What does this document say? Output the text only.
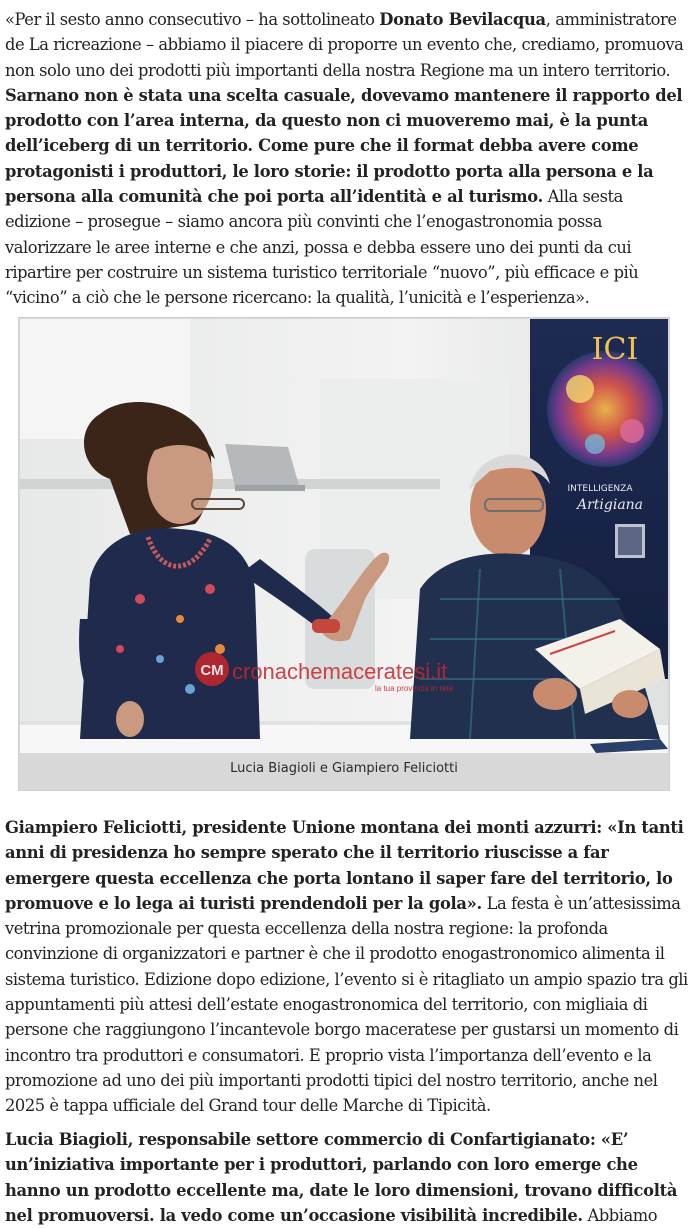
«Per il sesto anno consecutivo – ha sottolineato Donato Bevilacqua, amministratore de La ricreazione – abbiamo il piacere di proporre un evento che, crediamo, promuova non solo uno dei prodotti più importanti della nostra Regione ma un intero territorio. Sarnano non è stata una scelta casuale, dovevamo mantenere il rapporto del prodotto con l’area interna, da questo non ci muoveremo mai, è la punta dell’iceberg di un territorio. Come pure che il format debba avere come protagonisti i produttori, le loro storie: il prodotto porta alla persona e la persona alla comunità che poi porta all’identità e al turismo. Alla sesta edizione – prosegue – siamo ancora più convinti che l’enogastronomia possa valorizzare le aree interne e che anzi, possa e debba essere uno dei punti da cui ripartire per costruire un sistema turistico territoriale “nuovo”, più efficace e più “vicino” a ciò che le persone ricercano: la qualità, l’unicità e l’esperienza».

ICI
INTELLIGENZA
Artigiana
CM cronachemaceratesi.it
la tua provincia in rete
Lucia Biagioli e Giampiero Feliciotti

Giampiero Feliciotti, presidente Unione montana dei monti azzurri: «In tanti anni di presidenza ho sempre sperato che il territorio riuscisse a far emergere questa eccellenza che porta lontano il saper fare del territorio, lo promuove e lo lega ai turisti prendendoli per la gola». La festa è un’attesissima vetrina promozionale per questa eccellenza della nostra regione: la profonda convinzione di organizzatori e partner è che il prodotto enogastronomico alimenta il sistema turistico. Edizione dopo edizione, l’evento si è ritagliato un ampio spazio tra gli appuntamenti più attesi dell’estate enogastronomica del territorio, con migliaia di persone che raggiungono l’incantevole borgo maceratese per gustarsi un momento di incontro tra produttori e consumatori. E proprio vista l’importanza dell’evento e la promozione ad uno dei più importanti prodotti tipici del nostro territorio, anche nel 2025 è tappa ufficiale del Grand tour delle Marche di Tipicità.

Lucia Biagioli, responsabile settore commercio di Confartigianato: «E’ un’iniziativa importante per i produttori, parlando con loro emerge che hanno un prodotto eccellente ma, date le loro dimensioni, trovano difficoltà nel promuoversi. la vedo come un’occasione visibilità incredibile. Abbiamo
